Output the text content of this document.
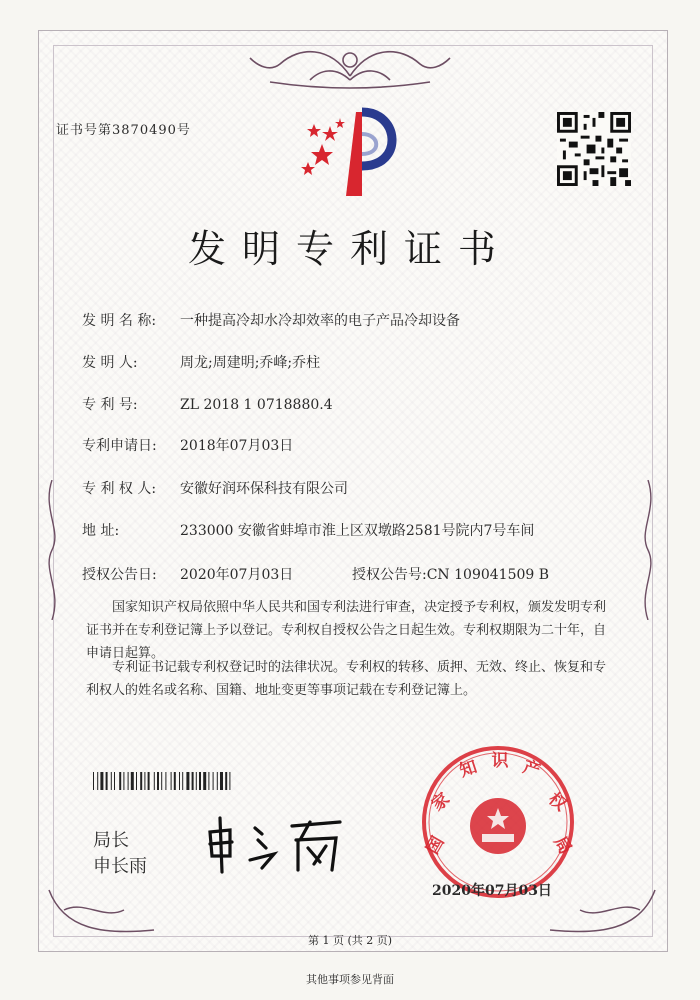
证书号第3870490号
发明专利证书
发 明 名 称: 一种提高冷却水冷却效率的电子产品冷却设备
发 明 人:	周龙;周建明;乔峰;乔柱
专 利 号:	ZL 2018 1 0718880.4
专利申请日: 2018年07月03日
专 利 权 人: 安徽好润环保科技有限公司
地 址:	233000 安徽省蚌埠市淮上区双墩路2581号院内7号车间
授权公告日: 2020年07月03日	授权公告号:CN 109041509 B
国家知识产权局依照中华人民共和国专利法进行审查，决定授予专利权，颁发发明专利证书并在专利登记簿上予以登记。专利权自授权公告之日起生效。专利权期限为二十年，自申请日起算。
专利证书记载专利权登记时的法律状况。专利权的转移、质押、无效、终止、恢复和专利权人的姓名或名称、国籍、地址变更等事项记载在专利登记簿上。
局长
申长雨
国
家
知 识 产
权
局
2020年07月03日
第 1 页 (共 2 页)
其他事项参见背面
